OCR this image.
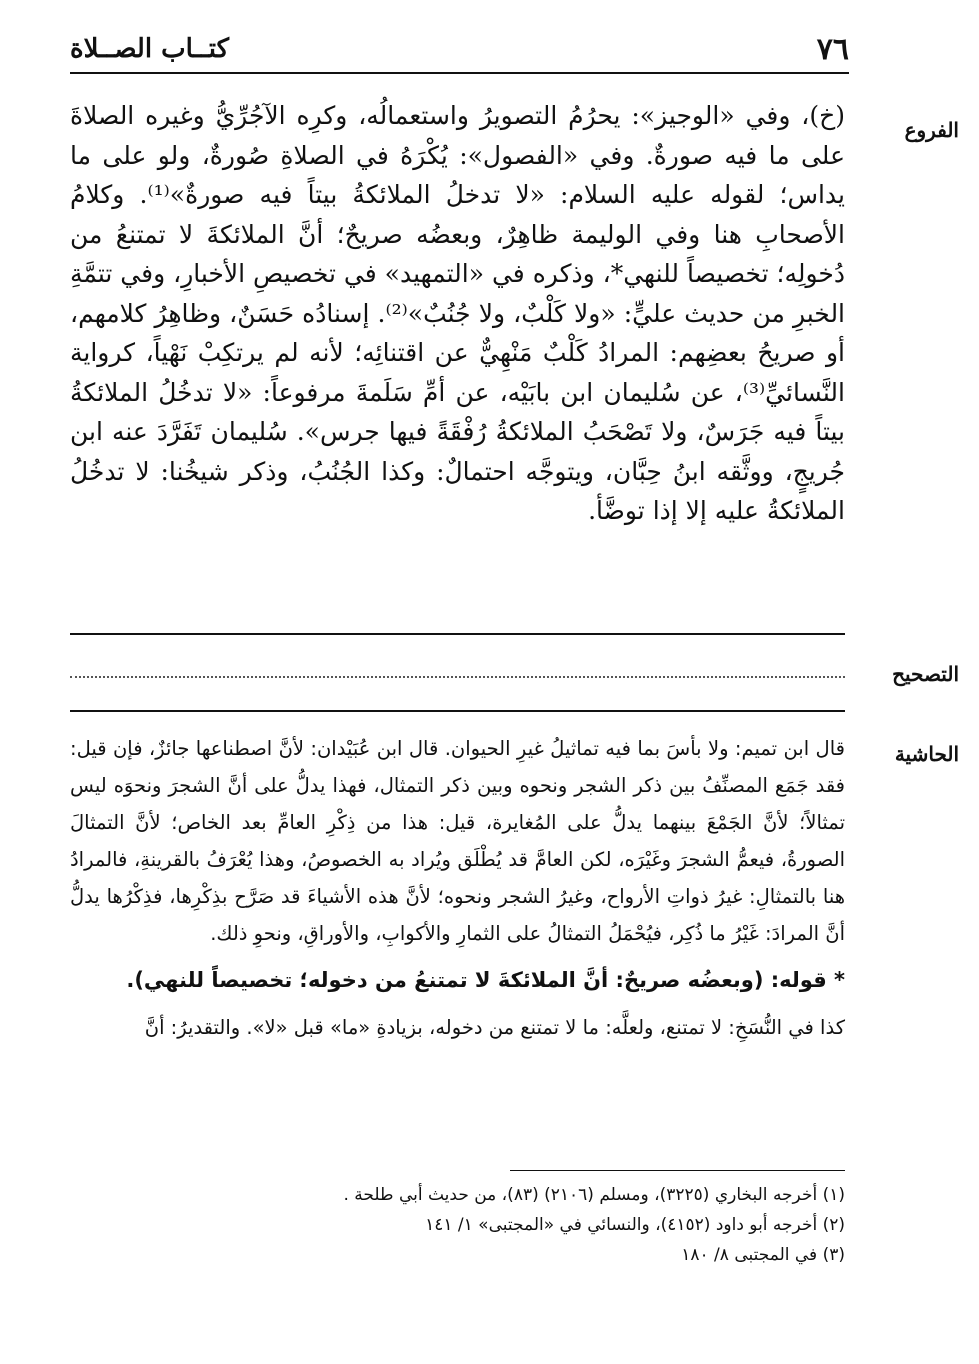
٧٦
كتــاب الصــلاة
الفروع

(خ)، وفي «الوجيز»: يحرُمُ التصويرُ واستعمالُه، وكرِه الآجُرِّيُّ وغيره الصلاةَ على ما فيه صورةٌ. وفي «الفصول»: يُكْرَهُ في الصلاةِ صُورةٌ، ولو على ما يداس؛ لقوله عليه السلام: «لا تدخلُ الملائكةُ بيتاً فيه صورةٌ»⁽¹⁾. وكلامُ الأصحابِ هنا وفي الوليمة ظاهِرٌ، وبعضُه صريحٌ؛ أنَّ الملائكةَ لا تمتنعُ من دُخولِه؛ تخصيصاً للنهي*، وذكره في «التمهيد» في تخصيصِ الأخبارِ، وفي تتمَّةِ الخبرِ من حديث عليٍّ: «ولا كَلْبٌ، ولا جُنُبٌ»⁽²⁾. إسنادُه حَسَنٌ، وظاهِرُ كلامهم، أو صريحُ بعضِهم: المرادُ كَلْبٌ مَنْهِيٌّ عن اقتنائِه؛ لأنه لم يرتكِبْ نَهْياً، كرواية النَّسائيِّ⁽³⁾، عن سُليمان ابن بابَيْه، عن أمِّ سَلَمةَ مرفوعاً: «لا تدخُلُ الملائكةُ بيتاً فيه جَرَسٌ، ولا تَصْحَبُ الملائكةُ رُفْقَةً فيها جرس». سُليمان تَفَرَّدَ عنه ابن جُريجٍ، ووثَّقه ابنُ حِبَّان، ويتوجَّه احتمالٌ: وكذا الجُنُبُ، وذكر شيخُنا: لا تدخُلُ الملائكةُ عليه إلا إذا توضَّأ.

التصحيح
الحاشية

قال ابن تميم: ولا بأسَ بما فيه تماثيلُ غيرِ الحيوان. قال ابن عُبَيْدان: لأنَّ اصطناعها جائزٌ، فإن قيل: فقد جَمَع المصنِّفُ بين ذكر الشجر ونحوه وبين ذكر التمثال، فهذا يدلُّ على أنَّ الشجرَ ونحوَه ليس تمثالاً؛ لأنَّ الجَمْعَ بينهما يدلُّ على المُغايرة، قيل: هذا من ذِكْرِ العامِّ بعد الخاص؛ لأنَّ التمثالَ الصورةُ، فيعمُّ الشجرَ وغَيْرَه، لكن العامَّ قد يُطْلَق ويُراد به الخصوصُ، وهذا يُعْرَفُ بالقرينةِ، فالمرادُ هنا بالتمثالِ: غيرُ ذواتِ الأرواح، وغيرُ الشجر ونحوه؛ لأنَّ هذه الأشياءَ قد صَرَّح بذِكْرِها، فذِكْرُها يدلُّ أنَّ المرادَ: غَيْرُ ما ذُكِر، فيُحْمَلُ التمثالُ على الثمارِ والأكوابِ، والأوراقِ، ونحوِ ذلك.

* قوله: (وبعضُه صريحٌ: أنَّ الملائكةَ لا تمتنعُ من دخوله؛ تخصيصاً للنهي).

كذا في النُّسَخِ: لا تمتنع، ولعلَّه: ما لا تمتنع من دخوله، بزيادةِ «ما» قبل «لا». والتقديرُ: أنَّ

(١) أخرجه البخاري (٣٢٢٥)، ومسلم (٢١٠٦) (٨٣)، من حديث أبي طلحة .
(٢) أخرجه أبو داود (٤١٥٢)، والنسائي في «المجتبى» ١/ ١٤١
(٣) في المجتبى ٨/ ١٨٠
